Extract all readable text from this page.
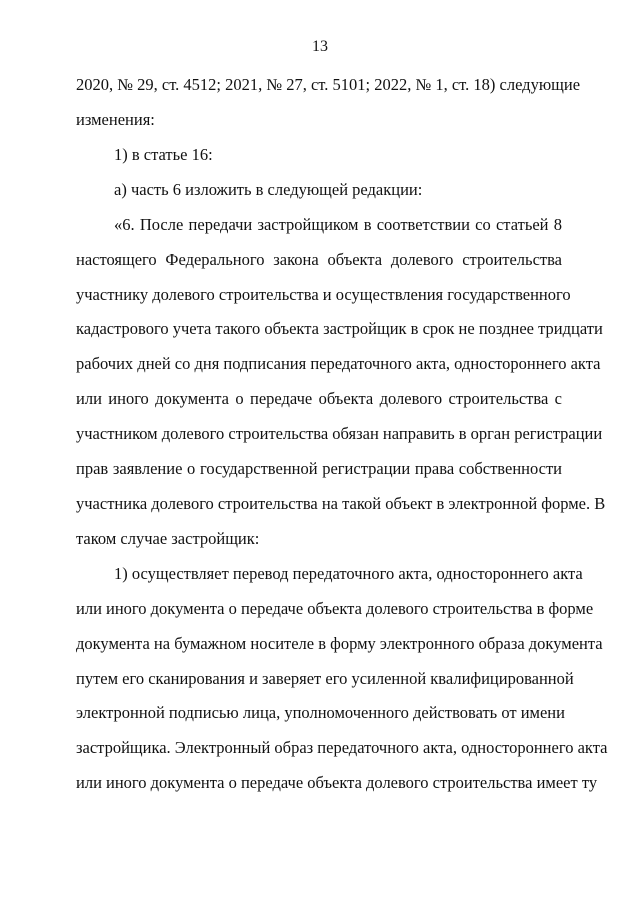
13
2020, № 29, ст. 4512; 2021, № 27, ст. 5101; 2022, № 1, ст. 18) следующие
изменения:
1) в статье 16:
а) часть 6 изложить в следующей редакции:
«6. После передачи застройщиком в соответствии со статьей 8
настоящего Федерального закона объекта долевого строительства
участнику долевого строительства и осуществления государственного
кадастрового учета такого объекта застройщик в срок не позднее тридцати
рабочих дней со дня подписания передаточного акта, одностороннего акта
или иного документа о передаче объекта долевого строительства с
участником долевого строительства обязан направить в орган регистрации
прав заявление о государственной регистрации права собственности
участника долевого строительства на такой объект в электронной форме. В
таком случае застройщик:
1) осуществляет перевод передаточного акта, одностороннего акта
или иного документа о передаче объекта долевого строительства в форме
документа на бумажном носителе в форму электронного образа документа
путем его сканирования и заверяет его усиленной квалифицированной
электронной подписью лица, уполномоченного действовать от имени
застройщика. Электронный образ передаточного акта, одностороннего акта
или иного документа о передаче объекта долевого строительства имеет ту
